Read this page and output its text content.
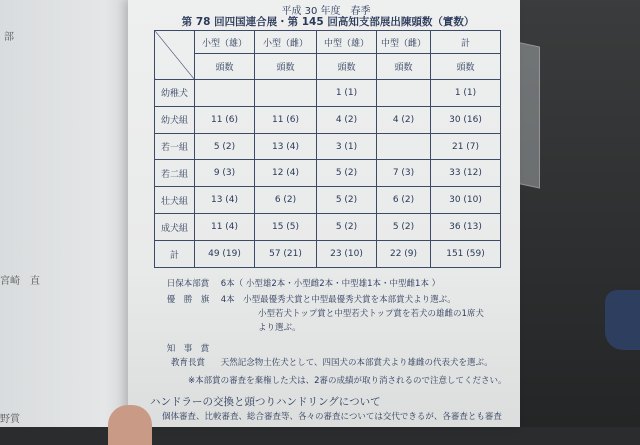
部
宮崎　直
野賞
平成 30 年度　春季
第 78 回四国連合展・第 145 回高知支部展出陳頭数（實数）
	小型（雄）	小型（雌）	中型（雄）	中型（雌）	計
	頭数	頭数	頭数	頭数	頭数
幼稚犬			1 (1)		1 (1)
幼犬組	11 (6)	11 (6)	4 (2)	4 (2)	30 (16)
若一組	5 (2)	13 (4)	3 (1)		21 (7)
若二組	9 (3)	12 (4)	5 (2)	7 (3)	33 (12)
壮犬組	13 (4)	6 (2)	5 (2)	6 (2)	30 (10)
成犬組	11 (4)	15 (5)	5 (2)	5 (2)	36 (13)
計	49 (19)	57 (21)	23 (10)	22 (9)	151 (59)
日保本部賞 6本（ 小型雄2本・小型雌2本・中型雄1本・中型雌1本 ）
優　勝　旗 4本　小型最優秀犬賞と中型最優秀犬賞を本部賞犬より選ぶ。
小型若犬トップ賞と中型若犬トップ賞を若犬の雄雌の1席犬
より選ぶ。
知　事　賞
教育長賞 天然記念物土佐犬として、四国犬の本部賞犬より雄雌の代表犬を選ぶ。
※本部賞の審査を棄権した犬は、2審の成績が取り消されるので注意してください。
ハンドラーの交換と頭つりハンドリングについて
個体審査、比較審査、総合審査等、各々の審査については交代できるが、各審査とも審査
